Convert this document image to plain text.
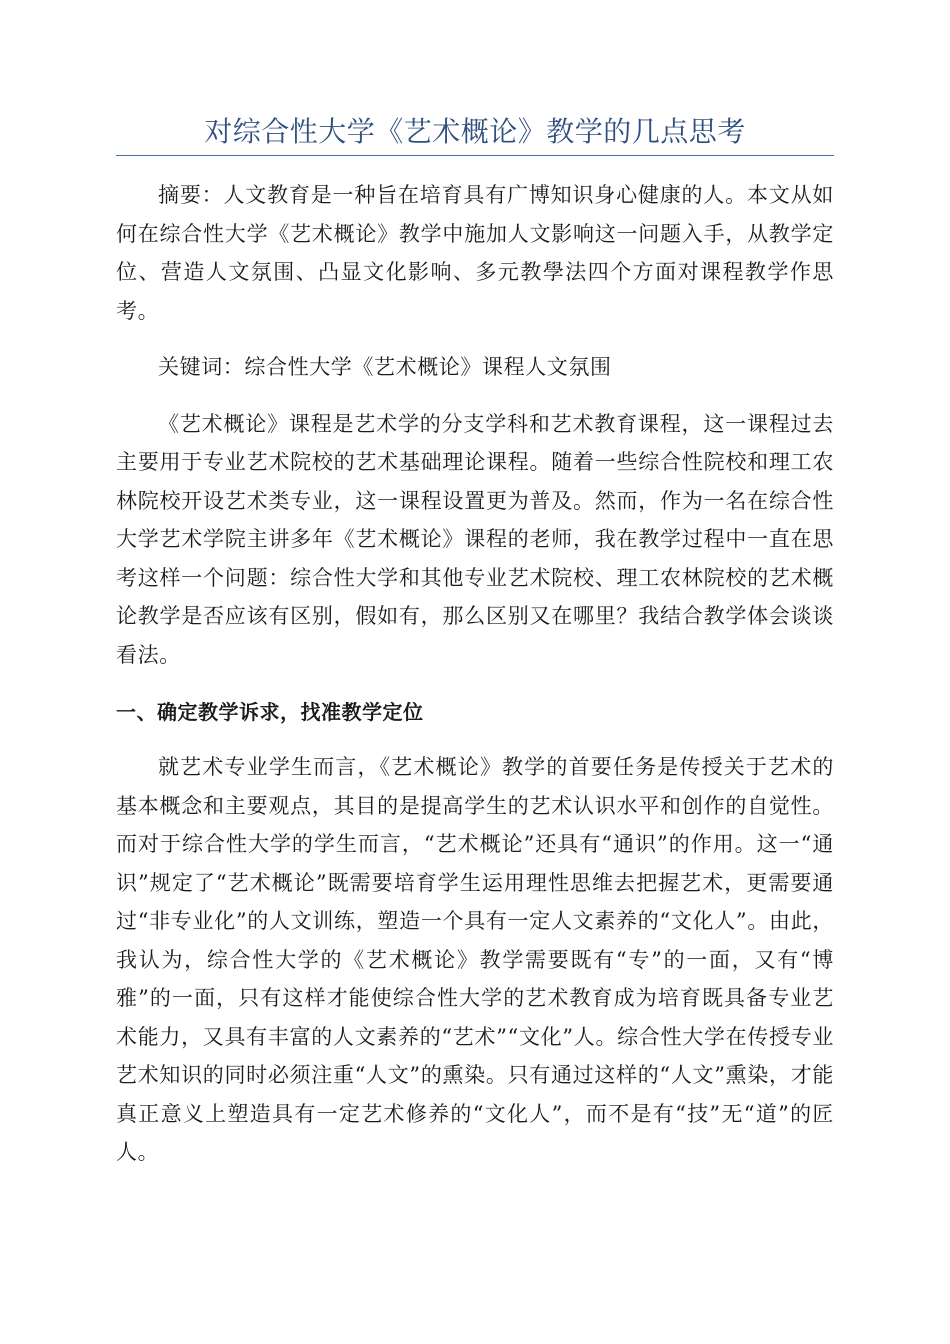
对综合性大学《艺术概论》教学的几点思考

摘要：人文教育是一种旨在培育具有广博知识身心健康的人。本文从如何在综合性大学《艺术概论》教学中施加人文影响这一问题入手，从教学定位、营造人文氛围、凸显文化影响、多元教學法四个方面对课程教学作思考。

关键词：综合性大学《艺术概论》课程人文氛围

《艺术概论》课程是艺术学的分支学科和艺术教育课程，这一课程过去主要用于专业艺术院校的艺术基础理论课程。随着一些综合性院校和理工农林院校开设艺术类专业，这一课程设置更为普及。然而，作为一名在综合性大学艺术学院主讲多年《艺术概论》课程的老师，我在教学过程中一直在思考这样一个问题：综合性大学和其他专业艺术院校、理工农林院校的艺术概论教学是否应该有区别，假如有，那么区别又在哪里？我结合教学体会谈谈看法。

一、确定教学诉求，找准教学定位

就艺术专业学生而言，《艺术概论》教学的首要任务是传授关于艺术的基本概念和主要观点，其目的是提高学生的艺术认识水平和创作的自觉性。而对于综合性大学的学生而言，“艺术概论”还具有“通识”的作用。这一“通识”规定了“艺术概论”既需要培育学生运用理性思维去把握艺术，更需要通过“非专业化”的人文训练，塑造一个具有一定人文素养的“文化人”。由此，我认为，综合性大学的《艺术概论》教学需要既有“专”的一面，又有“博雅”的一面，只有这样才能使综合性大学的艺术教育成为培育既具备专业艺术能力，又具有丰富的人文素养的“艺术”“文化”人。综合性大学在传授专业艺术知识的同时必须注重“人文”的熏染。只有通过这样的“人文”熏染，才能真正意义上塑造具有一定艺术修养的“文化人”，而不是有“技”无“道”的匠人。
